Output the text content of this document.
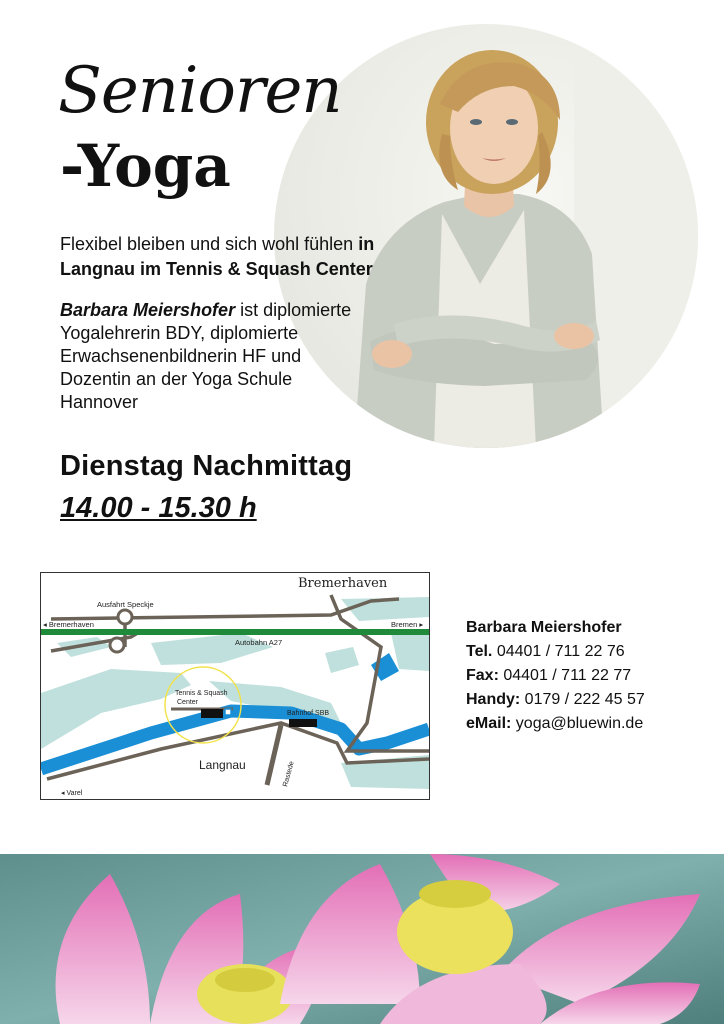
Senioren
-Yoga

Flexibel bleiben und sich wohl fühlen in Langnau im Tennis & Squash Center

Barbara Meiershofer ist diplomierte Yogalehrerin BDY, diplomierte Erwachsenenbildnerin HF und Dozentin an der Yoga Schule Hannover

Dienstag Nachmittag

14.00 - 15.30 h

Bremerhaven
Ausfahrt Speckje
◂ Bremerhaven	Bremen ▸
Autobahn A27
Tennis & Squash
Center
Bahnhof SBB
Langnau	Rastede
◂ Varel
Barbara Meiershofer
Tel. 04401 / 711 22 76
Fax: 04401 / 711 22 77
Handy: 0179 / 222 45 57
eMail: yoga@bluewin.de
